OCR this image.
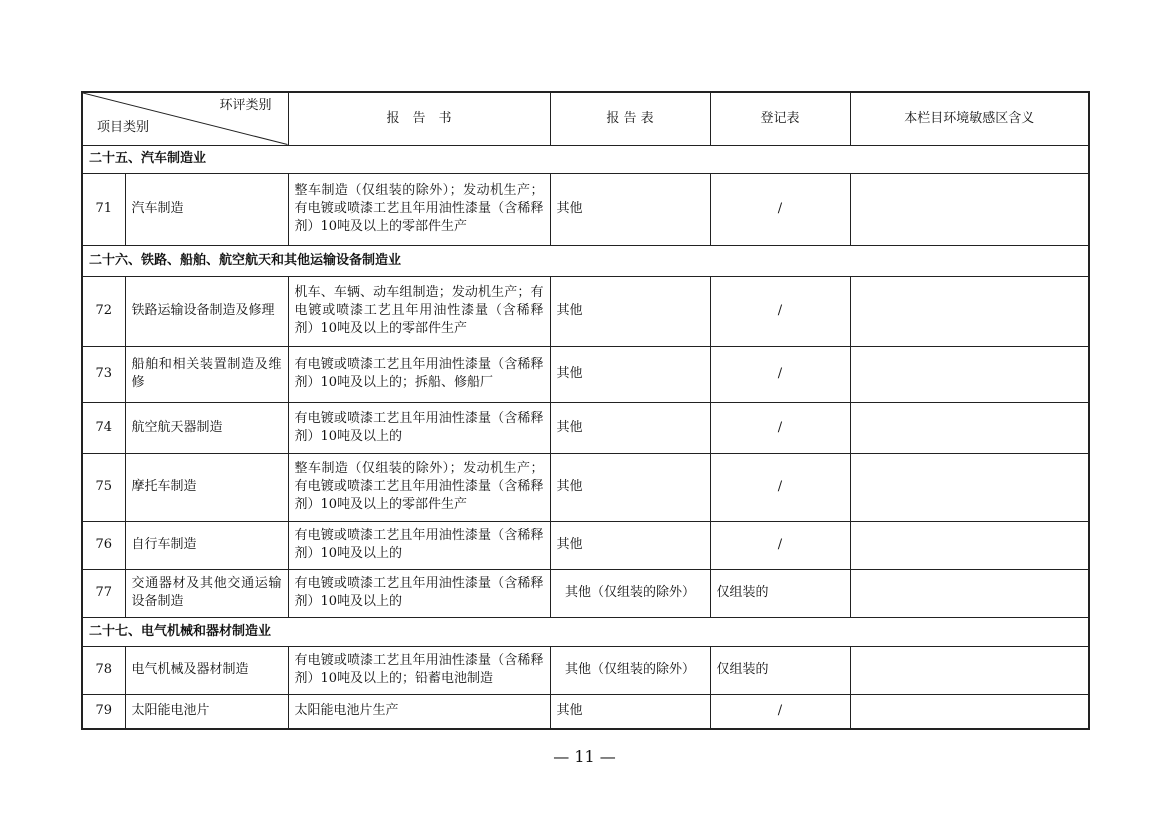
环评类别
项目类别		报　告　书	报 告 表	登记表	本栏目环境敏感区含义
二十五、汽车制造业					
71	汽车制造	整车制造（仅组装的除外）；发动机生产；有电镀或喷漆工艺且年用油性漆量（含稀释剂）10吨及以上的零部件生产	其他	/	
二十六、铁路、船舶、航空航天和其他运输设备制造业					
72	铁路运输设备制造及修理	机车、车辆、动车组制造；发动机生产；有电镀或喷漆工艺且年用油性漆量（含稀释剂）10吨及以上的零部件生产	其他	/	
73	船舶和相关装置制造及维修	有电镀或喷漆工艺且年用油性漆量（含稀释剂）10吨及以上的；拆船、修船厂	其他	/	
74	航空航天器制造	有电镀或喷漆工艺且年用油性漆量（含稀释剂）10吨及以上的	其他	/	
75	摩托车制造	整车制造（仅组装的除外）；发动机生产；有电镀或喷漆工艺且年用油性漆量（含稀释剂）10吨及以上的零部件生产	其他	/	
76	自行车制造	有电镀或喷漆工艺且年用油性漆量（含稀释剂）10吨及以上的	其他	/	
77	交通器材及其他交通运输设备制造	有电镀或喷漆工艺且年用油性漆量（含稀释剂）10吨及以上的	其他（仅组装的除外）	仅组装的	
二十七、电气机械和器材制造业					
78	电气机械及器材制造	有电镀或喷漆工艺且年用油性漆量（含稀释剂）10吨及以上的；铅蓄电池制造	其他（仅组装的除外）	仅组装的	
79	太阳能电池片	太阳能电池片生产	其他	/	
— 11 —
